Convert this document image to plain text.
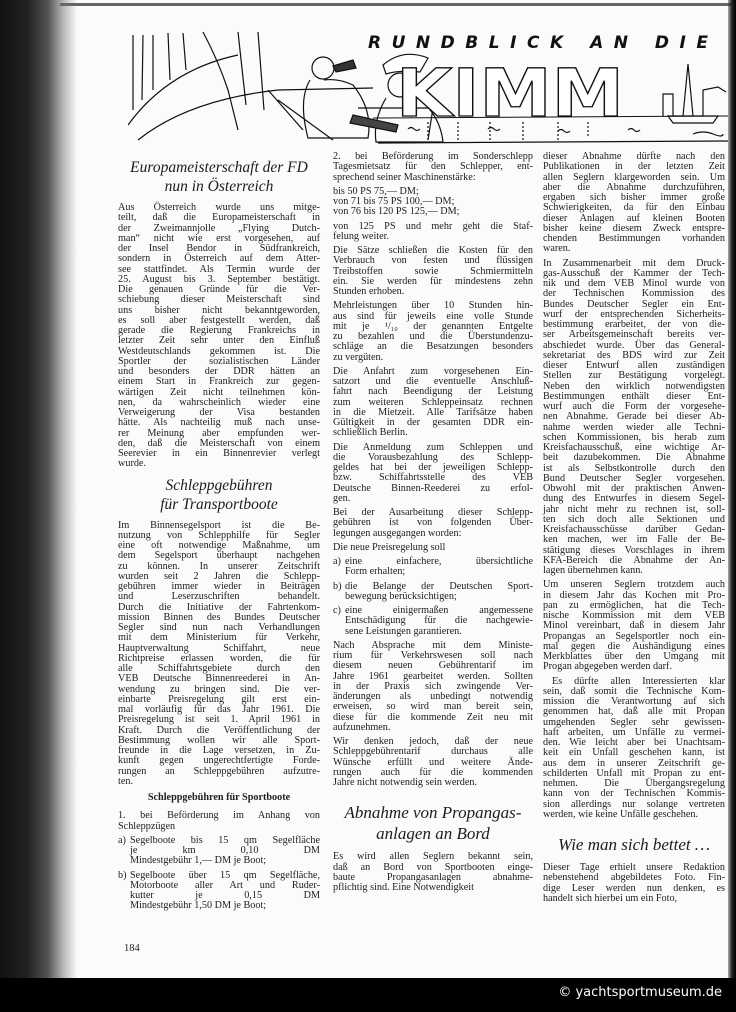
KIMM
RUNDBLICK AN DIE
Europameisterschaft der FD
nun in Österreich
Aus Österreich wurde uns mitge-
teilt, daß die Europameisterschaft in
der Zweimannjolle „Flying Dutch-
man“ nicht wie erst vorgesehen, auf
der Insel Bendor in Südfrankreich,
sondern in Österreich auf dem Atter-
see stattfindet. Als Termin wurde der
25. August bis 3. September bestätigt.
Die genauen Gründe für die Ver-
schiebung dieser Meisterschaft sind
uns bisher nicht bekanntgeworden,
es soll aber festgestellt werden, daß
gerade die Regierung Frankreichs in
letzter Zeit sehr unter den Einfluß
Westdeutschlands gekommen ist. Die
Sportler der sozialistischen Länder
und besonders der DDR hätten an
einem Start in Frankreich zur gegen-
wärtigen Zeit nicht teilnehmen kön-
nen, da wahrscheinlich wieder eine
Verweigerung der Visa bestanden
hätte. Als nachteilig muß nach unse-
rer Meinung aber empfunden wer-
den, daß die Meisterschaft von einem
Seerevier in ein Binnenrevier verlegt
wurde.
Schleppgebühren
für Transportboote
Im Binnensegelsport ist die Be-
nutzung von Schlepphilfe für Segler
eine oft notwendige Maßnahme, um
dem Segelsport überhaupt nachgehen
zu können. In unserer Zeitschrift
wurden seit 2 Jahren die Schlepp-
gebühren immer wieder in Beiträgen
und Leserzuschriften behandelt.
Durch die Initiative der Fahrtenkom-
mission Binnen des Bundes Deutscher
Segler sind nun nach Verhandlungen
mit dem Ministerium für Verkehr,
Hauptverwaltung Schiffahrt, neue
Richtpreise erlassen worden, die für
alle Schiffahrtsgebiete durch den
VEB Deutsche Binnenreederei in An-
wendung zu bringen sind. Die ver-
einbarte Preisregelung gilt erst ein-
mal vorläufig für das Jahr 1961. Die
Preisregelung ist seit 1. April 1961 in
Kraft. Durch die Veröffentlichung der
Bestimmung wollen wir alle Sport-
freunde in die Lage versetzen, in Zu-
kunft gegen ungerechtfertigte Forde-
rungen an Schleppgebühren aufzutre-
ten.
Schleppgebühren für Sportboote
1. bei Beförderung im Anhang von
Schleppzügen
a) Segelboote bis 15 qm Segelfläche
je km 0,10 DM
Mindestgebühr 1,— DM je Boot;
b) Segelboote über 15 qm Segelfläche,
Motorboote aller Art und Ruder-
kutter je 0,15 DM
Mindestgebühr 1,50 DM je Boot;
2. bei Beförderung im Sonderschlepp
Tagesmietsatz für den Schlepper, ent-
sprechend seiner Maschinenstärke:
bis 50 PS 75,— DM;
von 71 bis 75 PS 100,— DM;
von 76 bis 120 PS 125,— DM;
von 125 PS und mehr geht die Staf-
felung weiter.
Die Sätze schließen die Kosten für den
Verbrauch von festen und flüssigen
Treibstoffen sowie Schmiermitteln
ein. Sie werden für mindestens zehn
Stunden erhoben.
Mehrleistungen über 10 Stunden hin-
aus sind für jeweils eine volle Stunde
mit je ¹/₁₀ der genannten Entgelte
zu bezahlen und die Überstundenzu-
schläge an die Besatzungen besonders
zu vergüten.
Die Anfahrt zum vorgesehenen Ein-
satzort und die eventuelle Anschluß-
fahrt nach Beendigung der Leistung
zum weiteren Schleppeinsatz rechnen
in die Mietzeit. Alle Tarifsätze haben
Gültigkeit in der gesamten DDR ein-
schließlich Berlin.
Die Anmeldung zum Schleppen und
die Vorausbezahlung des Schlepp-
geldes hat bei der jeweiligen Schlepp-
bzw. Schiffahrtsstelle des VEB
Deutsche Binnen-Reederei zu erfol-
gen.
Bei der Ausarbeitung dieser Schlepp-
gebühren ist von folgenden Über-
legungen ausgegangen worden:
Die neue Preisregelung soll
a) eine einfachere, übersichtliche
Form erhalten;
b) die Belange der Deutschen Sport-
bewegung berücksichtigen;
c) eine einigermaßen angemessene
Entschädigung für die nachgewie-
sene Leistungen garantieren.
Nach Absprache mit dem Ministe-
rium für Verkehrswesen soll nach
diesem neuen Gebührentarif im
Jahre 1961 gearbeitet werden. Sollten
in der Praxis sich zwingende Ver-
änderungen als unbedingt notwendig
erweisen, so wird man bereit sein,
diese für die kommende Zeit neu mit
aufzunehmen.
Wir denken jedoch, daß der neue
Schleppgebührentarif durchaus alle
Wünsche erfüllt und weitere Ände-
rungen auch für die kommenden
Jahre nicht notwendig sein werden.
Abnahme von Propangas-
anlagen an Bord
Es wird allen Seglern bekannt sein,
daß an Bord von Sportbooten einge-
baute Propangasanlagen abnahme-
pflichtig sind. Eine Notwendigkeit
dieser Abnahme dürfte nach den
Publikationen in der letzten Zeit
allen Seglern klargeworden sein. Um
aber die Abnahme durchzuführen,
ergaben sich bisher immer große
Schwierigkeiten, da für den Einbau
dieser Anlagen auf kleinen Booten
bisher keine diesem Zweck entspre-
chenden Bestimmungen vorhanden
waren.
In Zusammenarbeit mit dem Druck-
gas-Ausschuß der Kammer der Tech-
nik und dem VEB Minol wurde von
der Technischen Kommission des
Bundes Deutscher Segler ein Ent-
wurf der entsprechenden Sicherheits-
bestimmung erarbeitet, der von die-
ser Arbeitsgemeinschaft bereits ver-
abschiedet wurde. Über das General-
sekretariat des BDS wird zur Zeit
dieser Entwurf allen zuständigen
Stellen zur Bestätigung vorgelegt.
Neben den wirklich notwendigsten
Bestimmungen enthält dieser Ent-
wurf auch die Form der vorgesehe-
nen Abnahme. Gerade bei dieser Ab-
nahme werden wieder alle Techni-
schen Kommissionen, bis herab zum
Kreisfachausschuß, eine wichtige Ar-
beit dazubekommen. Die Abnahme
ist als Selbstkontrolle durch den
Bund Deutscher Segler vorgesehen.
Obwohl mit der praktischen Anwen-
dung des Entwurfes in diesem Segel-
jahr nicht mehr zu rechnen ist, soll-
ten sich doch alle Sektionen und
Kreisfachausschüsse darüber Gedan-
ken machen, wer im Falle der Be-
stätigung dieses Vorschlages in ihrem
KFA-Bereich die Abnahme der An-
lagen übernehmen kann.
Um unseren Seglern trotzdem auch
in diesem Jahr das Kochen mit Pro-
pan zu ermöglichen, hat die Tech-
nische Kommission mit dem VEB
Minol vereinbart, daß in diesem Jahr
Propangas an Segelsportler noch ein-
mal gegen die Aushändigung eines
Merkblattes über den Umgang mit
Progan abgegeben werden darf.
Es dürfte allen Interessierten klar
sein, daß somit die Technische Kom-
mission die Verantwortung auf sich
genommen hat, daß alle mit Propan
umgehenden Segler sehr gewissen-
haft arbeiten, um Unfälle zu vermei-
den. Wie leicht aber bei Unachtsam-
keit ein Unfall geschehen kann, ist
aus dem in unserer Zeitschrift ge-
schilderten Unfall mit Propan zu ent-
nehmen. Die Übergangsregelung
kann von der Technischen Kommis-
sion allerdings nur solange vertreten
werden, wie keine Unfälle geschehen.
Wie man sich bettet …
Dieser Tage erhielt unsere Redaktion
nebenstehend abgebildetes Foto. Fin-
dige Leser werden nun denken, es
handelt sich hierbei um ein Foto,
184
© yachtsportmuseum.de
